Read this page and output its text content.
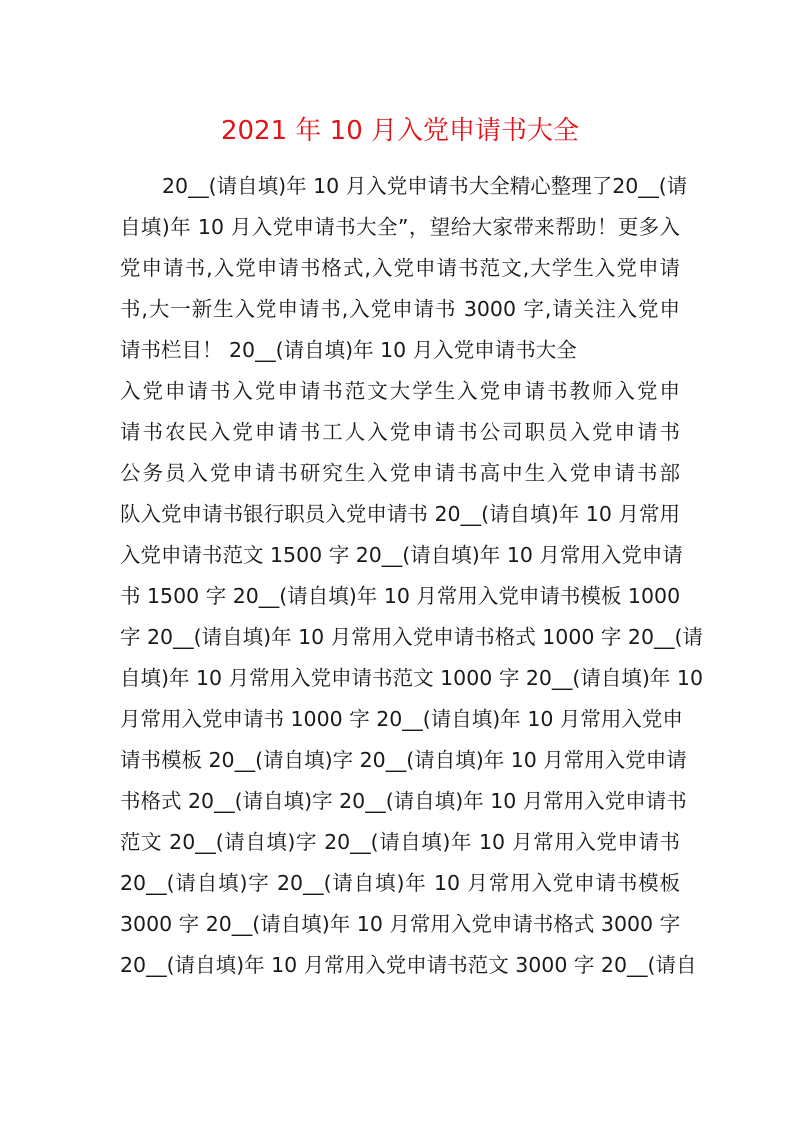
2021 年 10 月入党申请书大全
20__(请自填)年 10 月入党申请书大全精心整理了20__(请
自填)年 10 月入党申请书大全”，望给大家带来帮助！更多入
党申请书,入党申请书格式,入党申请书范文,大学生入党申请
书,大一新生入党申请书,入党申请书 3000 字,请关注入党申
请书栏目！ 20__(请自填)年 10 月入党申请书大全
入党申请书入党申请书范文大学生入党申请书教师入党申
请书农民入党申请书工人入党申请书公司职员入党申请书
公务员入党申请书研究生入党申请书高中生入党申请书部
队入党申请书银行职员入党申请书 20__(请自填)年 10 月常用
入党申请书范文 1500 字 20__(请自填)年 10 月常用入党申请
书 1500 字 20__(请自填)年 10 月常用入党申请书模板 1000
字 20__(请自填)年 10 月常用入党申请书格式 1000 字 20__(请
自填)年 10 月常用入党申请书范文 1000 字 20__(请自填)年 10
月常用入党申请书 1000 字 20__(请自填)年 10 月常用入党申
请书模板 20__(请自填)字 20__(请自填)年 10 月常用入党申请
书格式 20__(请自填)字 20__(请自填)年 10 月常用入党申请书
范文 20__(请自填)字 20__(请自填)年 10 月常用入党申请书
20__(请自填)字 20__(请自填)年 10 月常用入党申请书模板
3000 字 20__(请自填)年 10 月常用入党申请书格式 3000 字
20__(请自填)年 10 月常用入党申请书范文 3000 字 20__(请自
